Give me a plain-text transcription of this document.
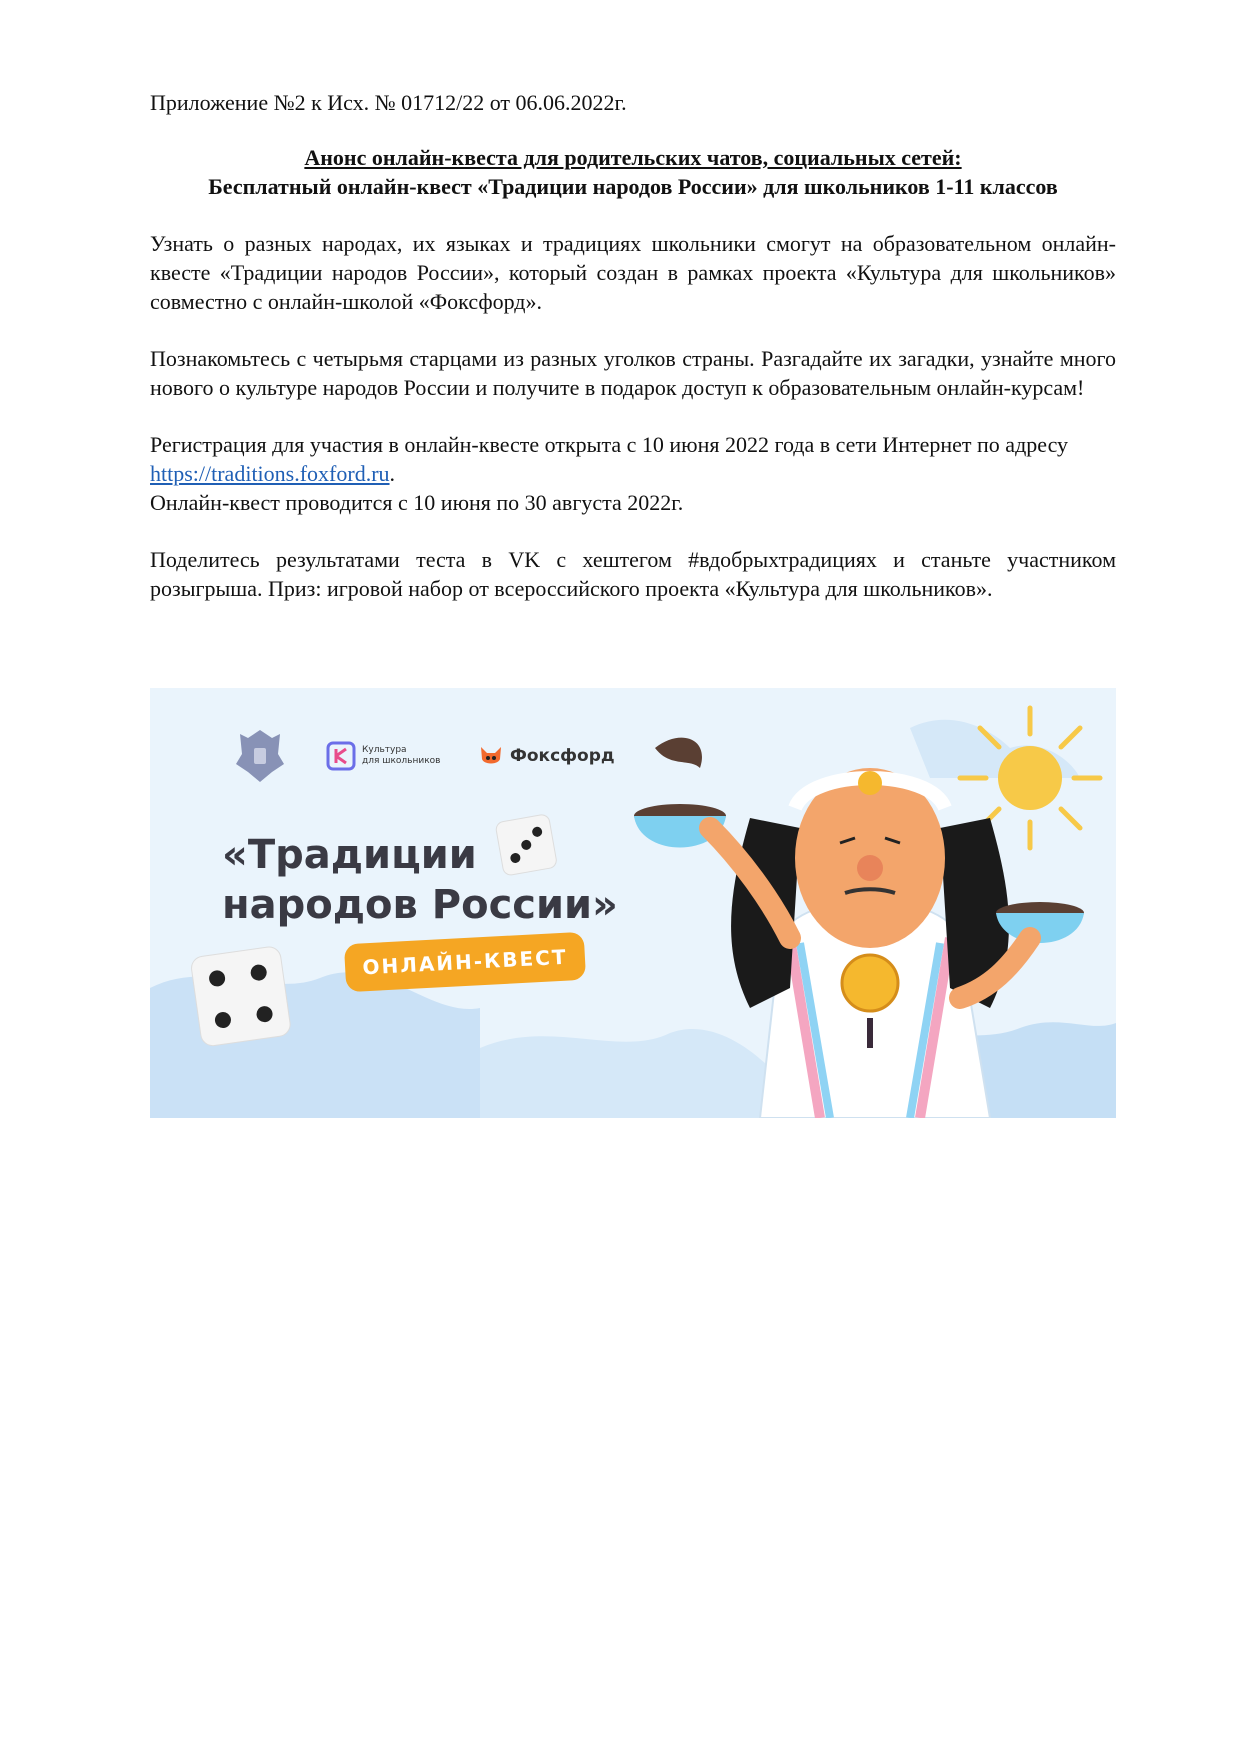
Приложение №2 к Исх. № 01712/22 от 06.06.2022г.

Анонс онлайн-квеста для родительских чатов, социальных сетей:
Бесплатный онлайн-квест «Традиции народов России» для школьников 1-11 классов

Узнать о разных народах, их языках и традициях школьники смогут на образовательном онлайн-квесте «Традиции народов России», который создан в рамках проекта «Культура для школьников» совместно с онлайн-школой «Фоксфорд».

Познакомьтесь с четырьмя старцами из разных уголков страны. Разгадайте их загадки, узнайте много нового о культуре народов России и получите в подарок доступ к образовательным онлайн-курсам!

Регистрация для участия в онлайн-квесте открыта с 10 июня 2022 года в сети Интернет по адресу https://traditions.foxford.ru.

Онлайн-квест проводится с 10 июня по 30 августа 2022г.

Поделитесь результатами теста в VK с хештегом #вдобрыхтрадициях и станьте участником розыгрыша. Приз: игровой набор от всероссийского проекта «Культура для школьников».

Культура
для школьников	Фоксфорд
«Традиции
народов России»
ОНЛАЙН-КВЕСТ
